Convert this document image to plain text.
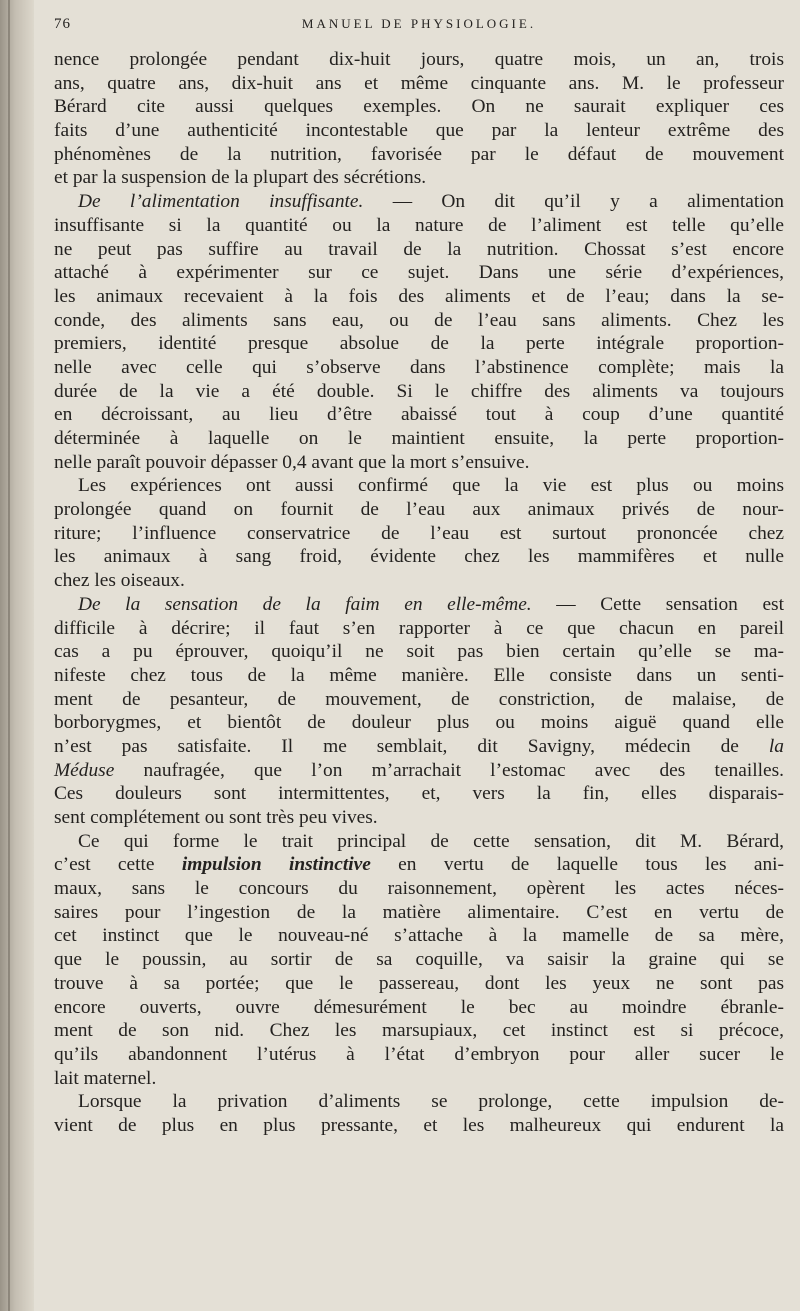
76	MANUEL DE PHYSIOLOGIE.
nence prolongée pendant dix-huit jours, quatre mois, un an, trois
ans, quatre ans, dix-huit ans et même cinquante ans. M. le professeur
Bérard cite aussi quelques exemples. On ne saurait expliquer ces
faits d’une authenticité incontestable que par la lenteur extrême des
phénomènes de la nutrition, favorisée par le défaut de mouvement
et par la suspension de la plupart des sécrétions.
De l’alimentation insuffisante. — On dit qu’il y a alimentation
insuffisante si la quantité ou la nature de l’aliment est telle qu’elle
ne peut pas suffire au travail de la nutrition. Chossat s’est encore
attaché à expérimenter sur ce sujet. Dans une série d’expériences,
les animaux recevaient à la fois des aliments et de l’eau; dans la se-
conde, des aliments sans eau, ou de l’eau sans aliments. Chez les
premiers, identité presque absolue de la perte intégrale proportion-
nelle avec celle qui s’observe dans l’abstinence complète; mais la
durée de la vie a été double. Si le chiffre des aliments va toujours
en décroissant, au lieu d’être abaissé tout à coup d’une quantité
déterminée à laquelle on le maintient ensuite, la perte proportion-
nelle paraît pouvoir dépasser 0,4 avant que la mort s’ensuive.
Les expériences ont aussi confirmé que la vie est plus ou moins
prolongée quand on fournit de l’eau aux animaux privés de nour-
riture; l’influence conservatrice de l’eau est surtout prononcée chez
les animaux à sang froid, évidente chez les mammifères et nulle
chez les oiseaux.
De la sensation de la faim en elle-même. — Cette sensation est
difficile à décrire; il faut s’en rapporter à ce que chacun en pareil
cas a pu éprouver, quoiqu’il ne soit pas bien certain qu’elle se ma-
nifeste chez tous de la même manière. Elle consiste dans un senti-
ment de pesanteur, de mouvement, de constriction, de malaise, de
borborygmes, et bientôt de douleur plus ou moins aiguë quand elle
n’est pas satisfaite. Il me semblait, dit Savigny, médecin de la
Méduse naufragée, que l’on m’arrachait l’estomac avec des tenailles.
Ces douleurs sont intermittentes, et, vers la fin, elles disparais-
sent complétement ou sont très peu vives.
Ce qui forme le trait principal de cette sensation, dit M. Bérard,
c’est cette impulsion instinctive en vertu de laquelle tous les ani-
maux, sans le concours du raisonnement, opèrent les actes néces-
saires pour l’ingestion de la matière alimentaire. C’est en vertu de
cet instinct que le nouveau-né s’attache à la mamelle de sa mère,
que le poussin, au sortir de sa coquille, va saisir la graine qui se
trouve à sa portée; que le passereau, dont les yeux ne sont pas
encore ouverts, ouvre démesurément le bec au moindre ébranle-
ment de son nid. Chez les marsupiaux, cet instinct est si précoce,
qu’ils abandonnent l’utérus à l’état d’embryon pour aller sucer le
lait maternel.
Lorsque la privation d’aliments se prolonge, cette impulsion de-
vient de plus en plus pressante, et les malheureux qui endurent la
